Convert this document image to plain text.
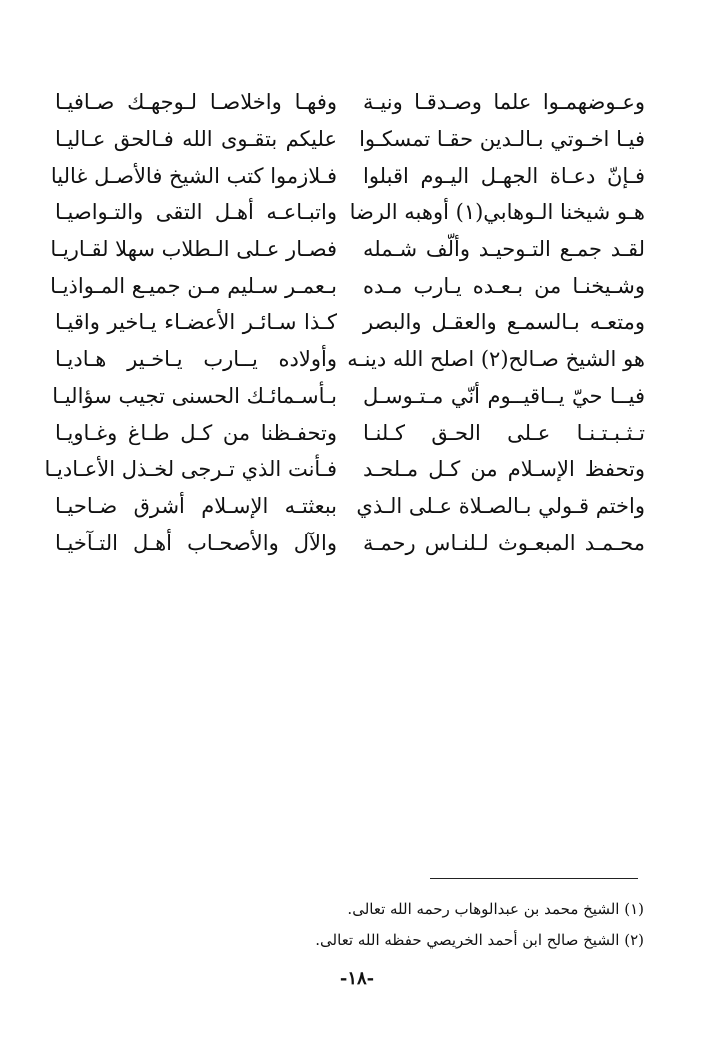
وعـوضهمـوا علما وصـدقـا ونيـة
وفهـا واخلاصـا لـوجهـك صـافيـا
فيـا اخـوتي بـالـدين حقـا تمسكـوا
عليكم بتقـوى الله فـالحق عـاليـا
فـإنّ دعـاة الجهـل اليـوم اقبلوا
فـلازموا كتب الشيخ فالأصـل غاليا
هـو شيخنا الـوهابي(١) أوهبه الرضا
واتبـاعـه أهـل التقى والتـواصيـا
لقـد جمـع التـوحيـد وألّف شـمله
فصـار عـلى الـطلاب سهلا لقـاريـا
وشـيخنـا من بـعـده يـارب مـده
بـعمـر سـليم مـن جميـع المـواذيـا
ومتعـه بـالسمـع والعقـل والبصر
كـذا سـائـر الأعضـاء يـاخير واقيـا
هو الشيخ صـالح(٢) اصلح الله دينـه
وأولاده يــارب يـاخـير هـاديـا
فيــا حيّ يــاقيــوم أنّي مـتـوسـل
بـأسـمائـك الحسنى تجيب سؤاليـا
تـثـبـتـنـا عـلى الحـق كـلنـا
وتحفـظنا من كـل طـاغ وغـاويـا
وتحفظ الإسـلام من كـل مـلحـد
فـأنت الذي تـرجى لخـذل الأعـاديـا
واختم قـولي بـالصـلاة عـلى الـذي
ببعثتـه الإسـلام أشرق ضـاحيـا
محـمـد المبعـوث لـلنـاس رحمـة
والآل والأصحـاب أهـل التـآخيـا
(١) الشيخ محمد بن عبدالوهاب رحمه الله تعالى.
(٢) الشيخ صالح ابن أحمد الخريصي حفظه الله تعالى.
-١٨-
